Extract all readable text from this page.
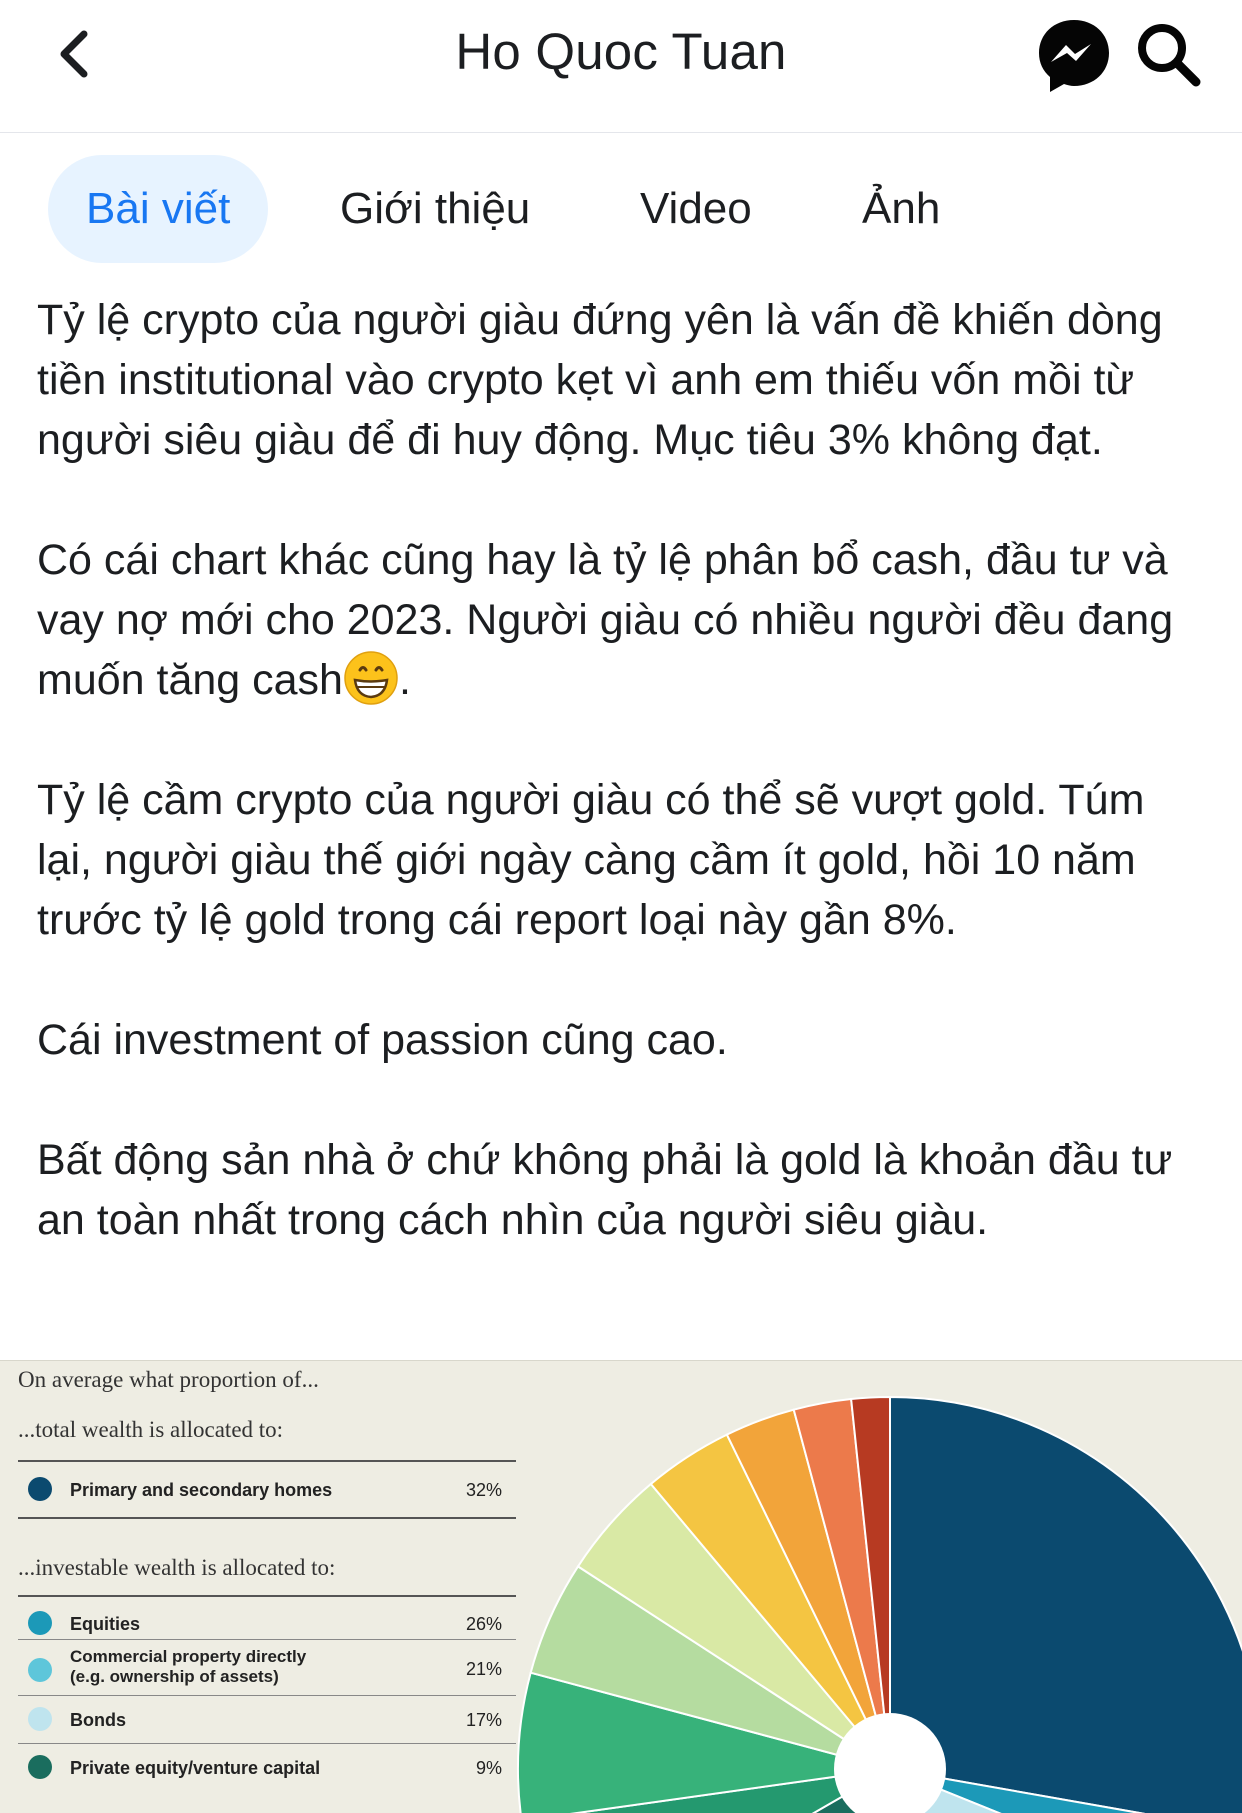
Ho Quoc Tuan
Bài viết	Giới thiệu Video	Ảnh

Tỷ lệ crypto của người giàu đứng yên là vấn đề khiến dòng tiền institutional vào crypto kẹt vì anh em thiếu vốn mồi từ người siêu giàu để đi huy động. Mục tiêu 3% không đạt.

Có cái chart khác cũng hay là tỷ lệ phân bổ cash, đầu tư và vay nợ mới cho 2023. Người giàu có nhiều người đều đang muốn tăng cash .

Tỷ lệ cầm crypto của người giàu có thể sẽ vượt gold. Túm lại, người giàu thế giới ngày càng cầm ít gold, hồi 10 năm trước tỷ lệ gold trong cái report loại này gần 8%.

Cái investment of passion cũng cao.

Bất động sản nhà ở chứ không phải là gold là khoản đầu tư an toàn nhất trong cách nhìn của người siêu giàu.

On average what proportion of...
...total wealth is allocated to:
Primary and secondary homes	32%
...investable wealth is allocated to:
Equities	26%
Commercial property directly
(e.g. ownership of assets)	21%
Bonds	17%
Private equity/venture capital	9%
